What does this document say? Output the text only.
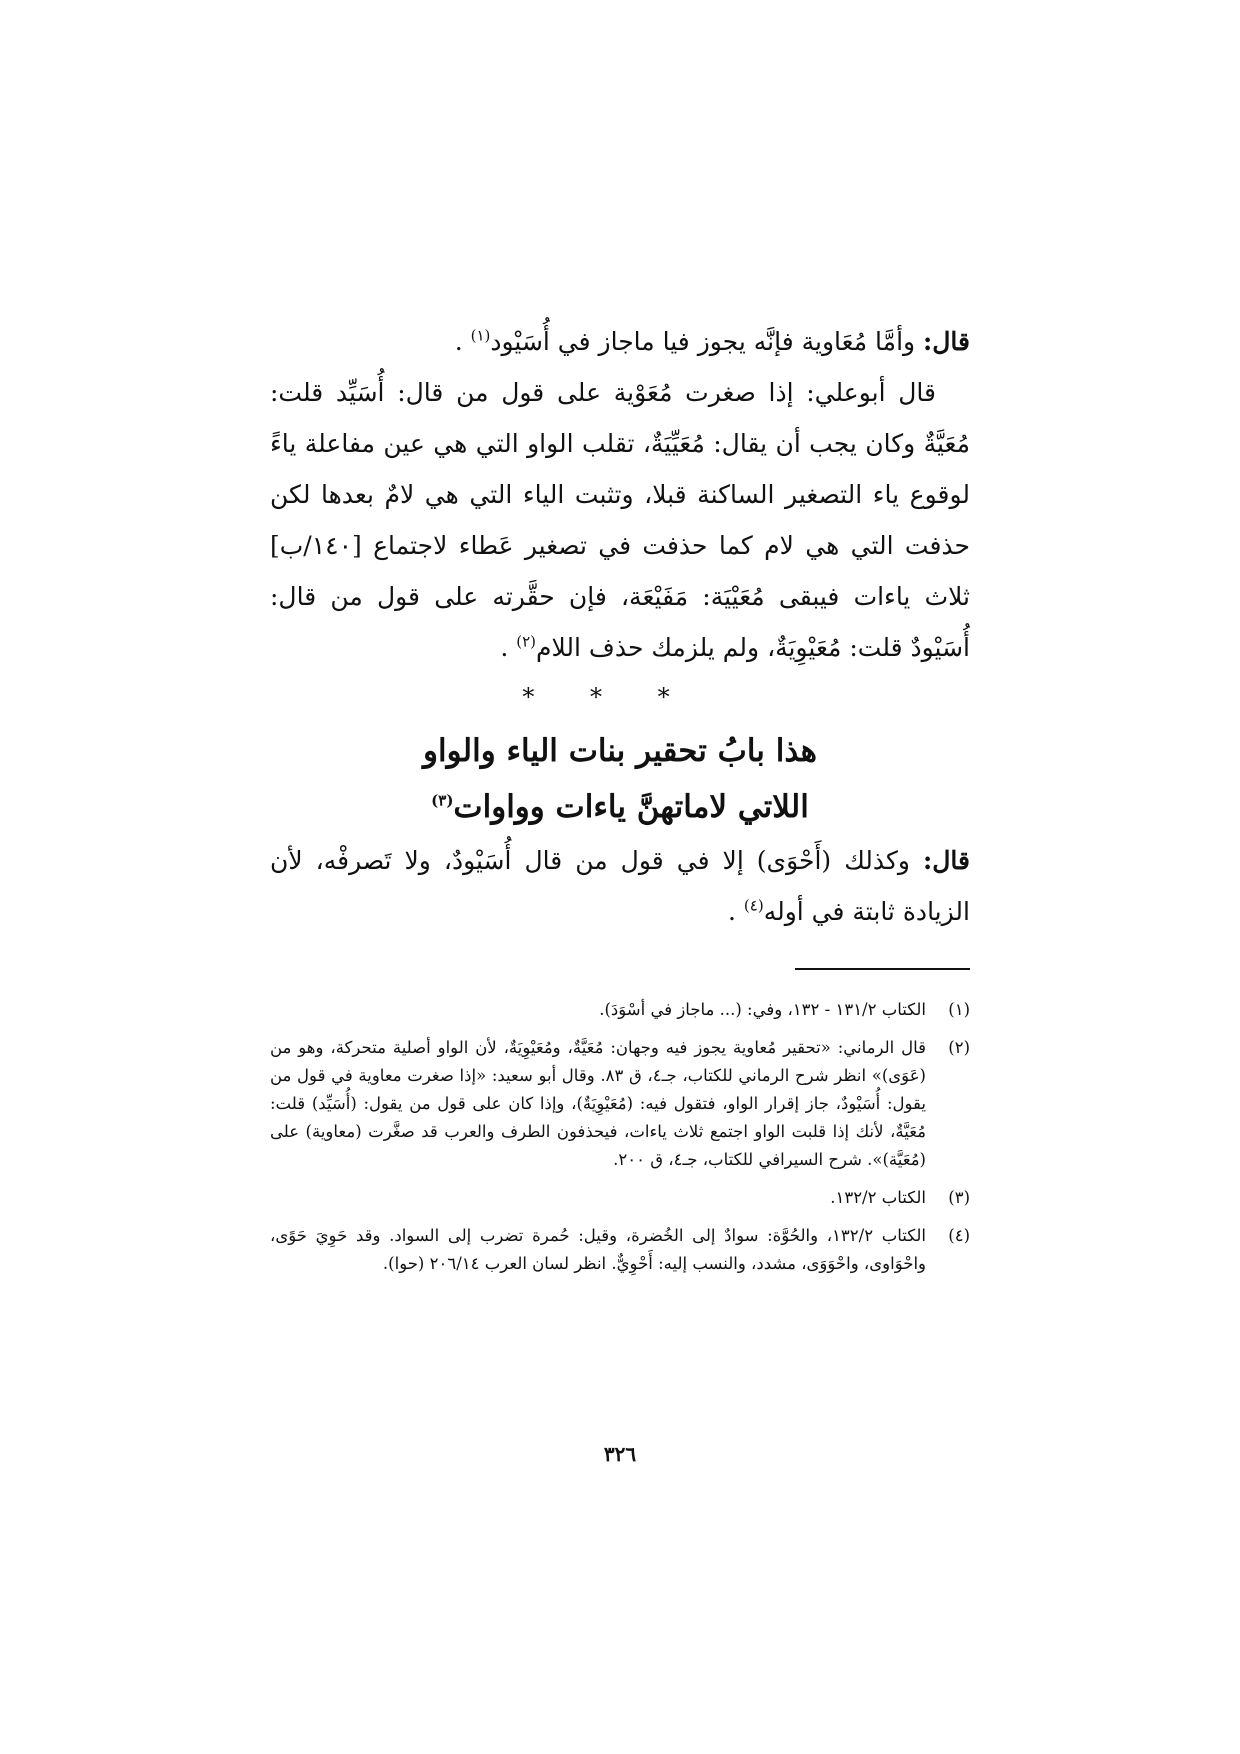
قال: وأمَّا مُعَاوية فإنَّه يجوز فيا ماجاز في أُسَيْود$^{(١)}$ .

قال أبوعلي: إذا صغرت مُعَوْية على قول من قال: أُسَيِّد قلت: مُعَيَّةٌ وكان يجب أن يقال: مُعَيِّيَةٌ، تقلب الواو التي هي عين مفاعلة ياءً لوقوع ياء التصغير الساكنة قبلا، وتثبت الياء التي هي لامٌ بعدها لكن حذفت التي هي لام كما حذفت في تصغير عَطاء لاجتماع [١٤٠/ب] ثلاث ياءات فيبقى مُعَيْيَة: مَفَيْعَة، فإن حقَّرته على قول من قال: أُسَيْودٌ قلت: مُعَيْوِيَةٌ، ولم يلزمك حذف اللام$^{(٢)}$ .

* * *
هذا بابُ تحقير بنات الياء والواو
اللاتي لاماتهنَّ ياءات وواوات$^{(٣)}$

قال: وكذلك (أَحْوَى) إلا في قول من قال أُسَيْودٌ، ولا تَصرفْه، لأن الزيادة ثابتة في أوله$^{(٤)}$ .

(١)
الكتاب ١٣١/٢ - ١٣٢، وفي: (... ماجاز في أسْوَدَ).
(٢)
قال الرماني: «تحقير مُعاوية يجوز فيه وجهان: مُعَيَّةٌ، ومُعَيْوِيَةٌ، لأن الواو أصلية متحركة، وهو من (عَوَى)» انظر شرح الرماني للكتاب، جـ٤، ق ٨٣. وقال أبو سعيد: «إذا صغرت معاوية في قول من يقول: أُسَيْودٌ، جاز إقرار الواو، فتقول فيه: (مُعَيْوِيَةٌ)، وإذا كان على قول من يقول: (أُسَيِّد) قلت: مُعَيَّةٌ، لأنك إذا قلبت الواو اجتمع ثلاث ياءات، فيحذفون الطرف والعرب قد صغَّرت (معاوية) على (مُعَيَّة)». شرح السيرافي للكتاب، جـ٤، ق ٢٠٠.
(٣)
الكتاب ١٣٢/٢.
(٤)
الكتاب ١٣٢/٢، والحُوَّة: سوادٌ إلى الخُضرة، وقيل: حُمرة تضرب إلى السواد. وقد حَوِيَ حَوًى، واحْوَاوى، واحْوَوَى، مشدد، والنسب إليه: أَحْوِيٌّ. انظر لسان العرب ٢٠٦/١٤ (حوا).
٣٢٦
